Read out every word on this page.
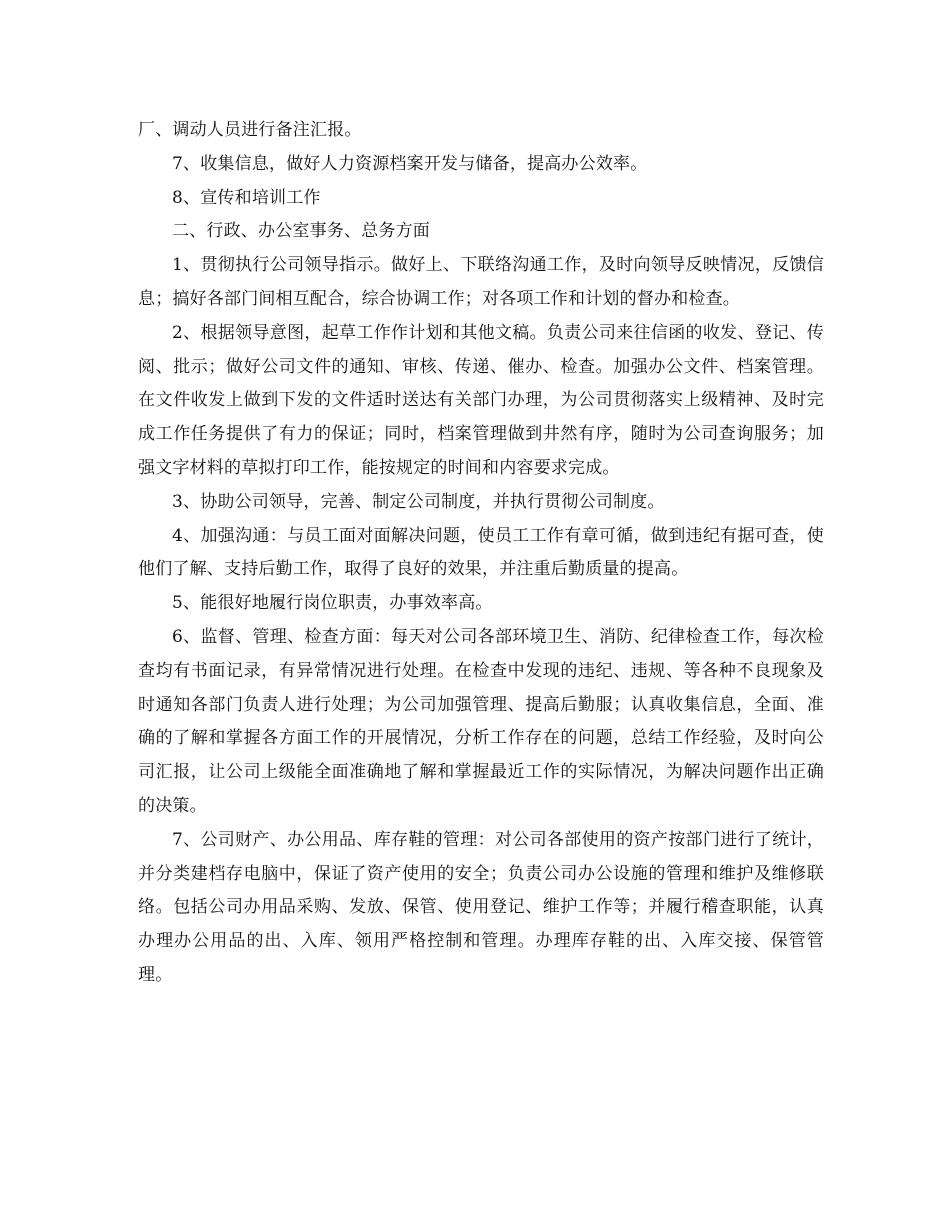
厂、调动人员进行备注汇报。

7、收集信息，做好人力资源档案开发与储备，提高办公效率。

8、宣传和培训工作

二、行政、办公室事务、总务方面

1、贯彻执行公司领导指示。做好上、下联络沟通工作，及时向领导反映情况，反馈信息；搞好各部门间相互配合，综合协调工作；对各项工作和计划的督办和检查。

2、根据领导意图，起草工作作计划和其他文稿。负责公司来往信函的收发、登记、传阅、批示；做好公司文件的通知、审核、传递、催办、检查。加强办公文件、档案管理。在文件收发上做到下发的文件适时送达有关部门办理，为公司贯彻落实上级精神、及时完成工作任务提供了有力的保证；同时，档案管理做到井然有序，随时为公司查询服务；加强文字材料的草拟打印工作，能按规定的时间和内容要求完成。

3、协助公司领导，完善、制定公司制度，并执行贯彻公司制度。

4、加强沟通：与员工面对面解决问题，使员工工作有章可循，做到违纪有据可查，使他们了解、支持后勤工作，取得了良好的效果，并注重后勤质量的提高。

5、能很好地履行岗位职责，办事效率高。

6、监督、管理、检查方面：每天对公司各部环境卫生、消防、纪律检查工作，每次检查均有书面记录，有异常情况进行处理。在检查中发现的违纪、违规、等各种不良现象及时通知各部门负责人进行处理；为公司加强管理、提高后勤服；认真收集信息，全面、准确的了解和掌握各方面工作的开展情况，分析工作存在的问题，总结工作经验，及时向公司汇报，让公司上级能全面准确地了解和掌握最近工作的实际情况，为解决问题作出正确的决策。

7、公司财产、办公用品、库存鞋的管理：对公司各部使用的资产按部门进行了统计，并分类建档存电脑中，保证了资产使用的安全；负责公司办公设施的管理和维护及维修联络。包括公司办用品采购、发放、保管、使用登记、维护工作等；并履行稽查职能，认真办理办公用品的出、入库、领用严格控制和管理。办理库存鞋的出、入库交接、保管管理。
